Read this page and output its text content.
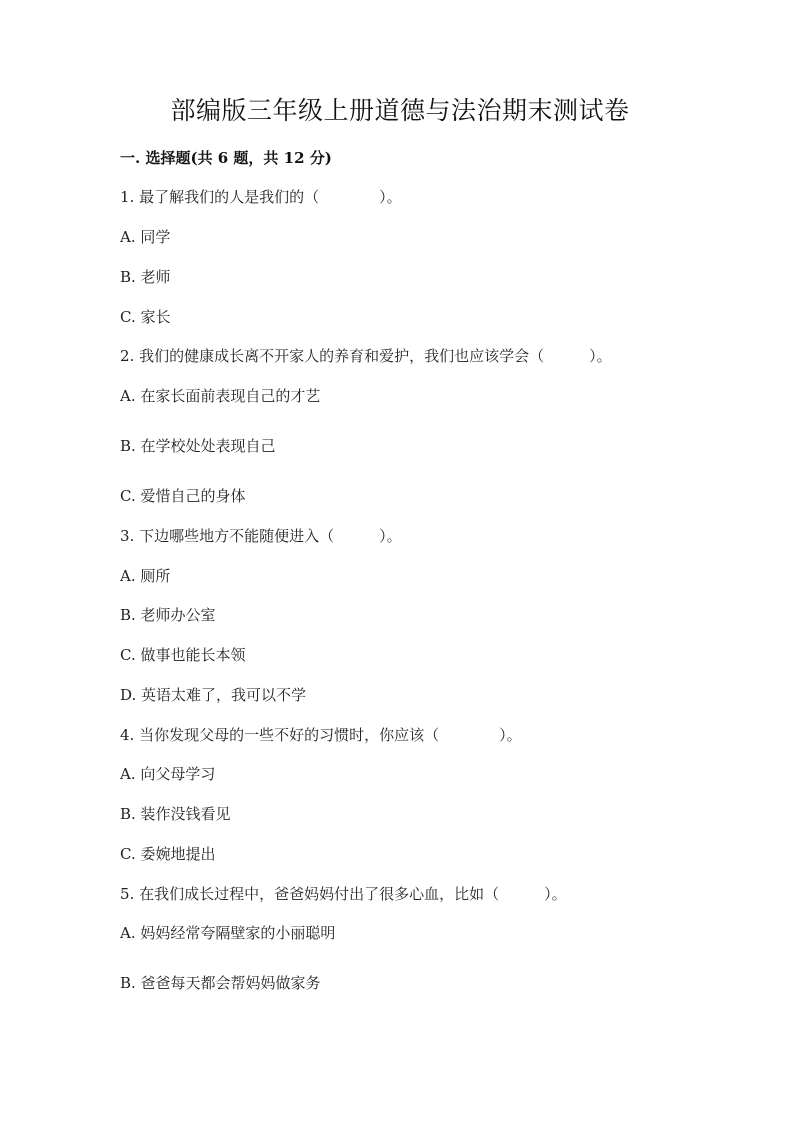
部编版三年级上册道德与法治期末测试卷
一. 选择题(共 6 题，共 12 分)
1. 最了解我们的人是我们的（　　　　）。
A. 同学
B. 老师
C. 家长
2. 我们的健康成长离不开家人的养育和爱护，我们也应该学会（　　　）。
A. 在家长面前表现自己的才艺
B. 在学校处处表现自己
C. 爱惜自己的身体
3. 下边哪些地方不能随便进入（　　　）。
A. 厕所
B. 老师办公室
C. 做事也能长本领
D. 英语太难了，我可以不学
4. 当你发现父母的一些不好的习惯时，你应该（　　　　）。
A. 向父母学习
B. 装作没钱看见
C. 委婉地提出
5. 在我们成长过程中，爸爸妈妈付出了很多心血，比如（　　　）。
A. 妈妈经常夸隔壁家的小丽聪明
B. 爸爸每天都会帮妈妈做家务
